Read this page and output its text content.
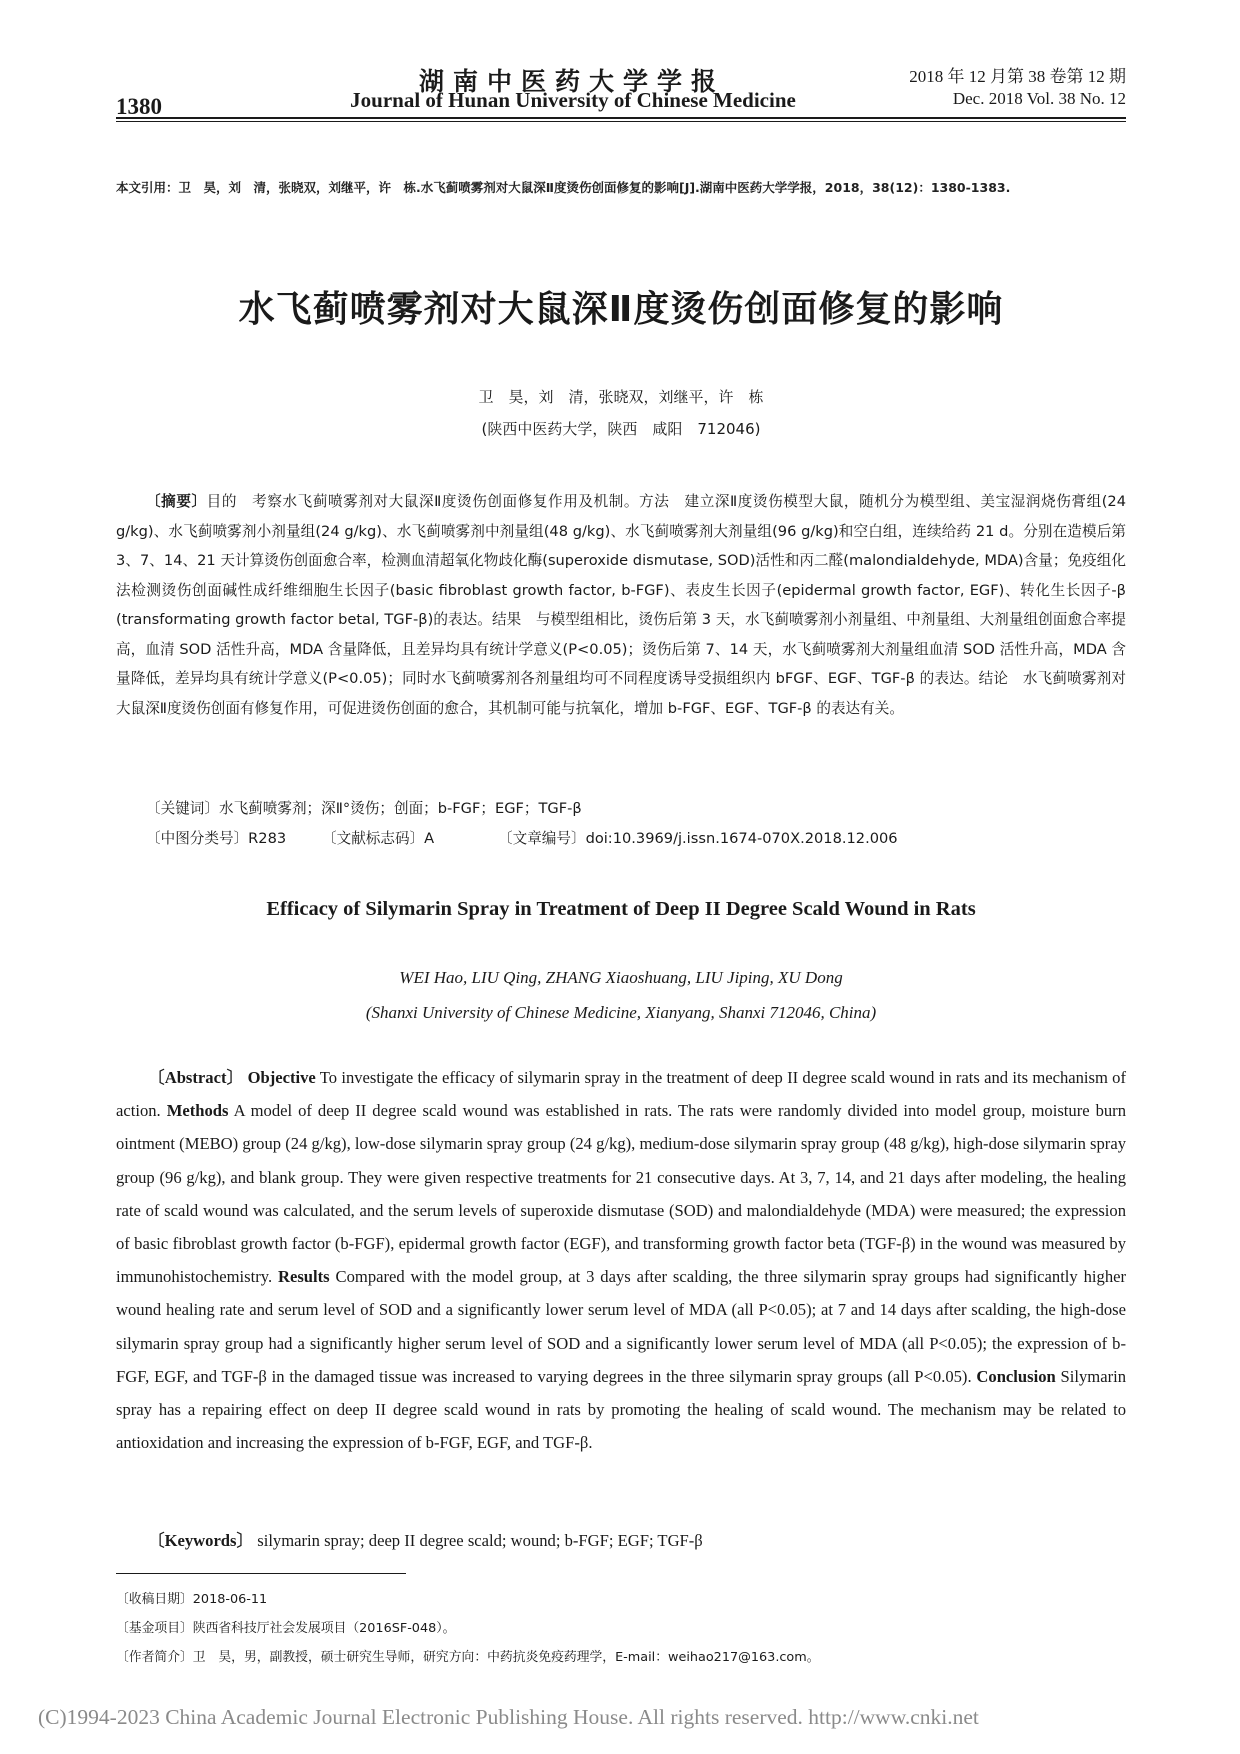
1380
湖南中医药大学学报
Journal of Hunan University of Chinese Medicine
2018 年 12 月第 38 卷第 12 期
Dec. 2018 Vol. 38 No. 12
本文引用：卫　昊，刘　清，张晓双，刘继平，许　栋.水飞蓟喷雾剂对大鼠深Ⅱ度烫伤创面修复的影响[J].湖南中医药大学学报，2018，38(12)：1380-1383.
水飞蓟喷雾剂对大鼠深Ⅱ度烫伤创面修复的影响
卫　昊，刘　清，张晓双，刘继平，许　栋
(陕西中医药大学，陕西　咸阳　712046)
〔摘要〕目的　考察水飞蓟喷雾剂对大鼠深Ⅱ度烫伤创面修复作用及机制。方法　建立深Ⅱ度烫伤模型大鼠，随机分为模型组、美宝湿润烧伤膏组(24 g/kg)、水飞蓟喷雾剂小剂量组(24 g/kg)、水飞蓟喷雾剂中剂量组(48 g/kg)、水飞蓟喷雾剂大剂量组(96 g/kg)和空白组，连续给药 21 d。分别在造模后第 3、7、14、21 天计算烫伤创面愈合率，检测血清超氧化物歧化酶(superoxide dismutase, SOD)活性和丙二醛(malondialdehyde, MDA)含量；免疫组化法检测烫伤创面碱性成纤维细胞生长因子(basic fibroblast growth factor, b-FGF)、表皮生长因子(epidermal growth factor, EGF)、转化生长因子-β (transformating growth factor betal, TGF-β)的表达。结果　与模型组相比，烫伤后第 3 天，水飞蓟喷雾剂小剂量组、中剂量组、大剂量组创面愈合率提高，血清 SOD 活性升高，MDA 含量降低，且差异均具有统计学意义(P<0.05)；烫伤后第 7、14 天，水飞蓟喷雾剂大剂量组血清 SOD 活性升高，MDA 含量降低，差异均具有统计学意义(P<0.05)；同时水飞蓟喷雾剂各剂量组均可不同程度诱导受损组织内 bFGF、EGF、TGF-β 的表达。结论　水飞蓟喷雾剂对大鼠深Ⅱ度烫伤创面有修复作用，可促进烫伤创面的愈合，其机制可能与抗氧化，增加 b-FGF、EGF、TGF-β 的表达有关。
〔关键词〕水飞蓟喷雾剂；深Ⅱ°烫伤；创面；b-FGF；EGF；TGF-β
〔中图分类号〕R283 〔文献标志码〕A	〔文章编号〕doi:10.3969/j.issn.1674-070X.2018.12.006
Efficacy of Silymarin Spray in Treatment of Deep II Degree Scald Wound in Rats
WEI Hao, LIU Qing, ZHANG Xiaoshuang, LIU Jiping, XU Dong
(Shanxi University of Chinese Medicine, Xianyang, Shanxi 712046, China)
〔Abstract〕 Objective To investigate the efficacy of silymarin spray in the treatment of deep II degree scald wound in rats and its mechanism of action. Methods A model of deep II degree scald wound was established in rats. The rats were randomly divided into model group, moisture burn ointment (MEBO) group (24 g/kg), low-dose silymarin spray group (24 g/kg), medium-dose silymarin spray group (48 g/kg), high-dose silymarin spray group (96 g/kg), and blank group. They were given respective treatments for 21 consecutive days. At 3, 7, 14, and 21 days after modeling, the healing rate of scald wound was calculated, and the serum levels of superoxide dismutase (SOD) and malondialdehyde (MDA) were measured; the expression of basic fibroblast growth factor (b-FGF), epidermal growth factor (EGF), and transforming growth factor beta (TGF-β) in the wound was measured by immunohistochemistry. Results Compared with the model group, at 3 days after scalding, the three silymarin spray groups had significantly higher wound healing rate and serum level of SOD and a significantly lower serum level of MDA (all P<0.05); at 7 and 14 days after scalding, the high-dose silymarin spray group had a significantly higher serum level of SOD and a significantly lower serum level of MDA (all P<0.05); the expression of b-FGF, EGF, and TGF-β in the damaged tissue was increased to varying degrees in the three silymarin spray groups (all P<0.05). Conclusion Silymarin spray has a repairing effect on deep II degree scald wound in rats by promoting the healing of scald wound. The mechanism may be related to antioxidation and increasing the expression of b-FGF, EGF, and TGF-β.
〔Keywords〕 silymarin spray; deep II degree scald; wound; b-FGF; EGF; TGF-β
〔收稿日期〕2018-06-11
〔基金项目〕陕西省科技厅社会发展项目（2016SF-048）。
〔作者简介〕卫　昊，男，副教授，硕士研究生导师，研究方向：中药抗炎免疫药理学，E-mail：weihao217@163.com。
(C)1994-2023 China Academic Journal Electronic Publishing House. All rights reserved. http://www.cnki.net
